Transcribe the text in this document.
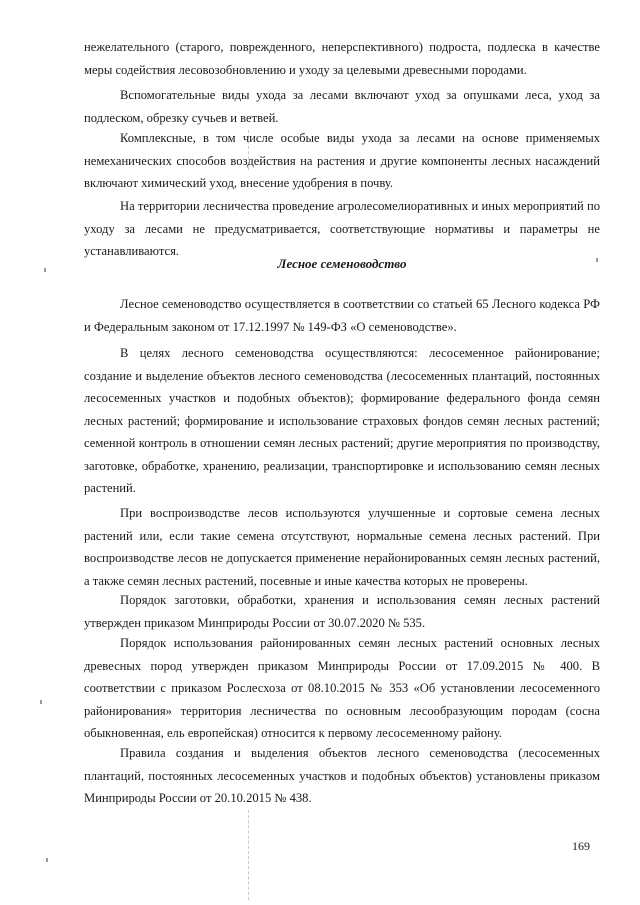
нежелательного (старого, поврежденного, неперспективного) подроста, подлеска в качестве меры содействия лесовозобновлению и уходу за целевыми древесными породами.

Вспомогательные виды ухода за лесами включают уход за опушками леса, уход за подлеском, обрезку сучьев и ветвей.

Комплексные, в том числе особые виды ухода за лесами на основе применяемых немеханических способов воздействия на растения и другие компоненты лесных насаждений включают химический уход, внесение удобрения в почву.

На территории лесничества проведение агролесомелиоративных и иных мероприятий по уходу за лесами не предусматривается, соответствующие нормативы и параметры не устанавливаются.

Лесное семеноводство

Лесное семеноводство осуществляется в соответствии со статьей 65 Лесного кодекса РФ и Федеральным законом от 17.12.1997 № 149-ФЗ «О семеноводстве».

В целях лесного семеноводства осуществляются: лесосеменное районирование; создание и выделение объектов лесного семеноводства (лесосеменных плантаций, постоянных лесосеменных участков и подобных объектов); формирование федерального фонда семян лесных растений; формирование и использование страховых фондов семян лесных растений; семенной контроль в отношении семян лесных растений; другие мероприятия по производству, заготовке, обработке, хранению, реализации, транспортировке и использованию семян лесных растений.

При воспроизводстве лесов используются улучшенные и сортовые семена лесных растений или, если такие семена отсутствуют, нормальные семена лесных растений. При воспроизводстве лесов не допускается применение нерайонированных семян лесных растений, а также семян лесных растений, посевные и иные качества которых не проверены.

Порядок заготовки, обработки, хранения и использования семян лесных растений утвержден приказом Минприроды России от 30.07.2020 № 535.

Порядок использования районированных семян лесных растений основных лесных древесных пород утвержден приказом Минприроды России от 17.09.2015 № 400. В соответствии с приказом Рослесхоза от 08.10.2015 № 353 «Об установлении лесосеменного районирования» территория лесничества по основным лесообразующим породам (сосна обыкновенная, ель европейская) относится к первому лесосеменному району.

Правила создания и выделения объектов лесного семеноводства (лесосеменных плантаций, постоянных лесосеменных участков и подобных объектов) установлены приказом Минприроды России от 20.10.2015 № 438.

169
